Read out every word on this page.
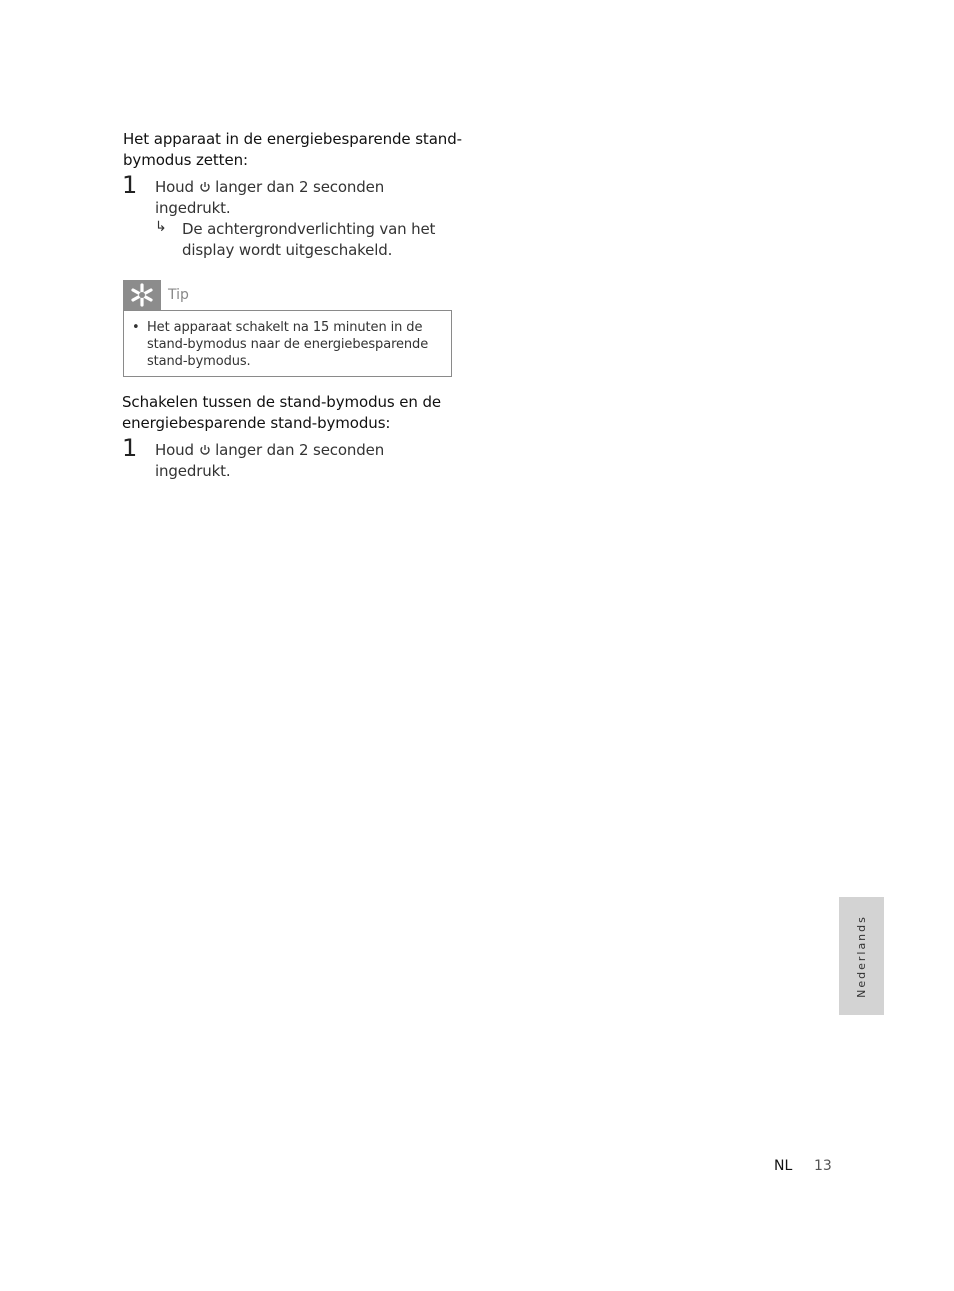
Het apparaat in de energiebesparende stand-
bymodus zetten:
1 Houd langer dan 2 seconden
ingedrukt.
↳ De achtergrondverlichting van het
display wordt uitgeschakeld.
Tip
• Het apparaat schakelt na 15 minuten in de
stand-bymodus naar de energiebesparende
stand-bymodus.
Schakelen tussen de stand-bymodus en de
energiebesparende stand-bymodus:
1 Houd langer dan 2 seconden
ingedrukt.
Nederlands
NL 13
